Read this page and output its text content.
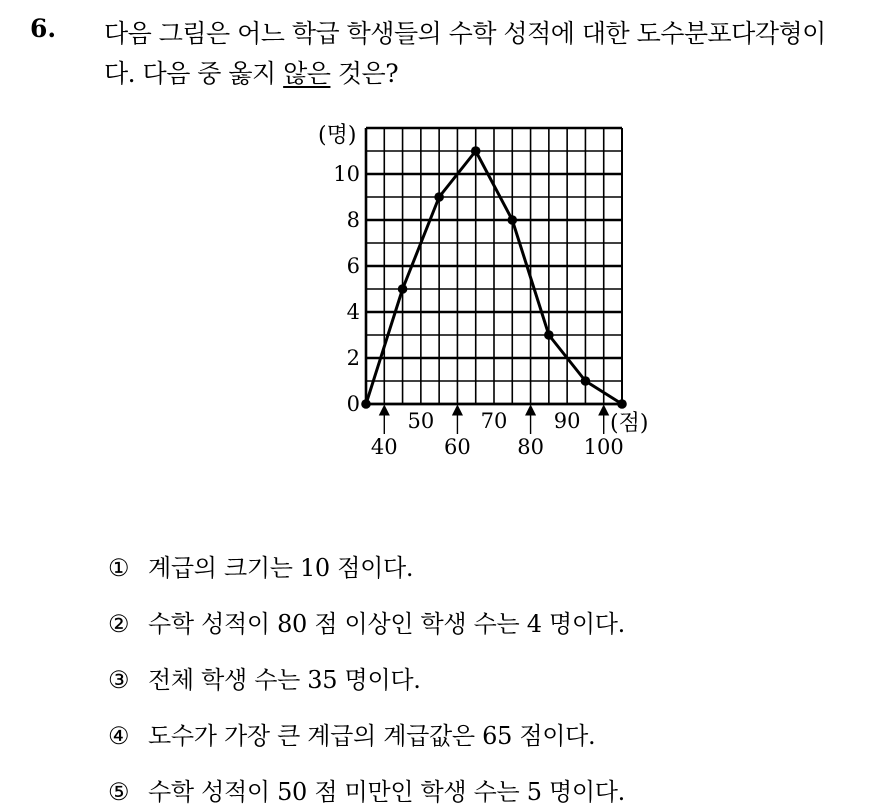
6. 다음 그림은 어느 학급 학생들의 수학 성적에 대한 도수분포다각형이
다. 다음 중 옳지 않은 것은?
0
2
4
6
8
10
50 70 90
40 60 80 100
(명)
(점)
① 계급의 크기는 10 점이다.
② 수학 성적이 80 점 이상인 학생 수는 4 명이다.
③ 전체 학생 수는 35 명이다.
④ 도수가 가장 큰 계급의 계급값은 65 점이다.
⑤ 수학 성적이 50 점 미만인 학생 수는 5 명이다.
